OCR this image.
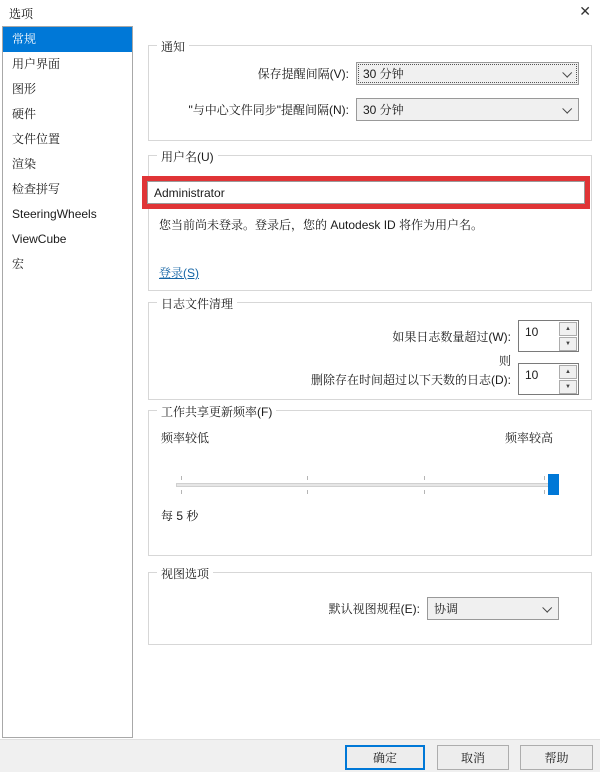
选项	✕
常规
用户界面
图形
硬件
文件位置
渲染
检查拼写
SteeringWheels
ViewCube
宏
通知
保存提醒间隔(V):	30 分钟
"与中心文件同步"提醒间隔(N):	30 分钟
用户名(U)
您当前尚未登录。登录后，您的 Autodesk ID 将作为用户名。
登录(S)
Administrator
日志文件清理
如果日志数量超过(W):	10	▲
▼
则
删除存在时间超过以下天数的日志(D):	10	▲
▼
工作共享更新频率(F)
频率较低	频率较高
每 5 秒
视图选项
默认视图规程(E):	协调
确定	取消	帮助
